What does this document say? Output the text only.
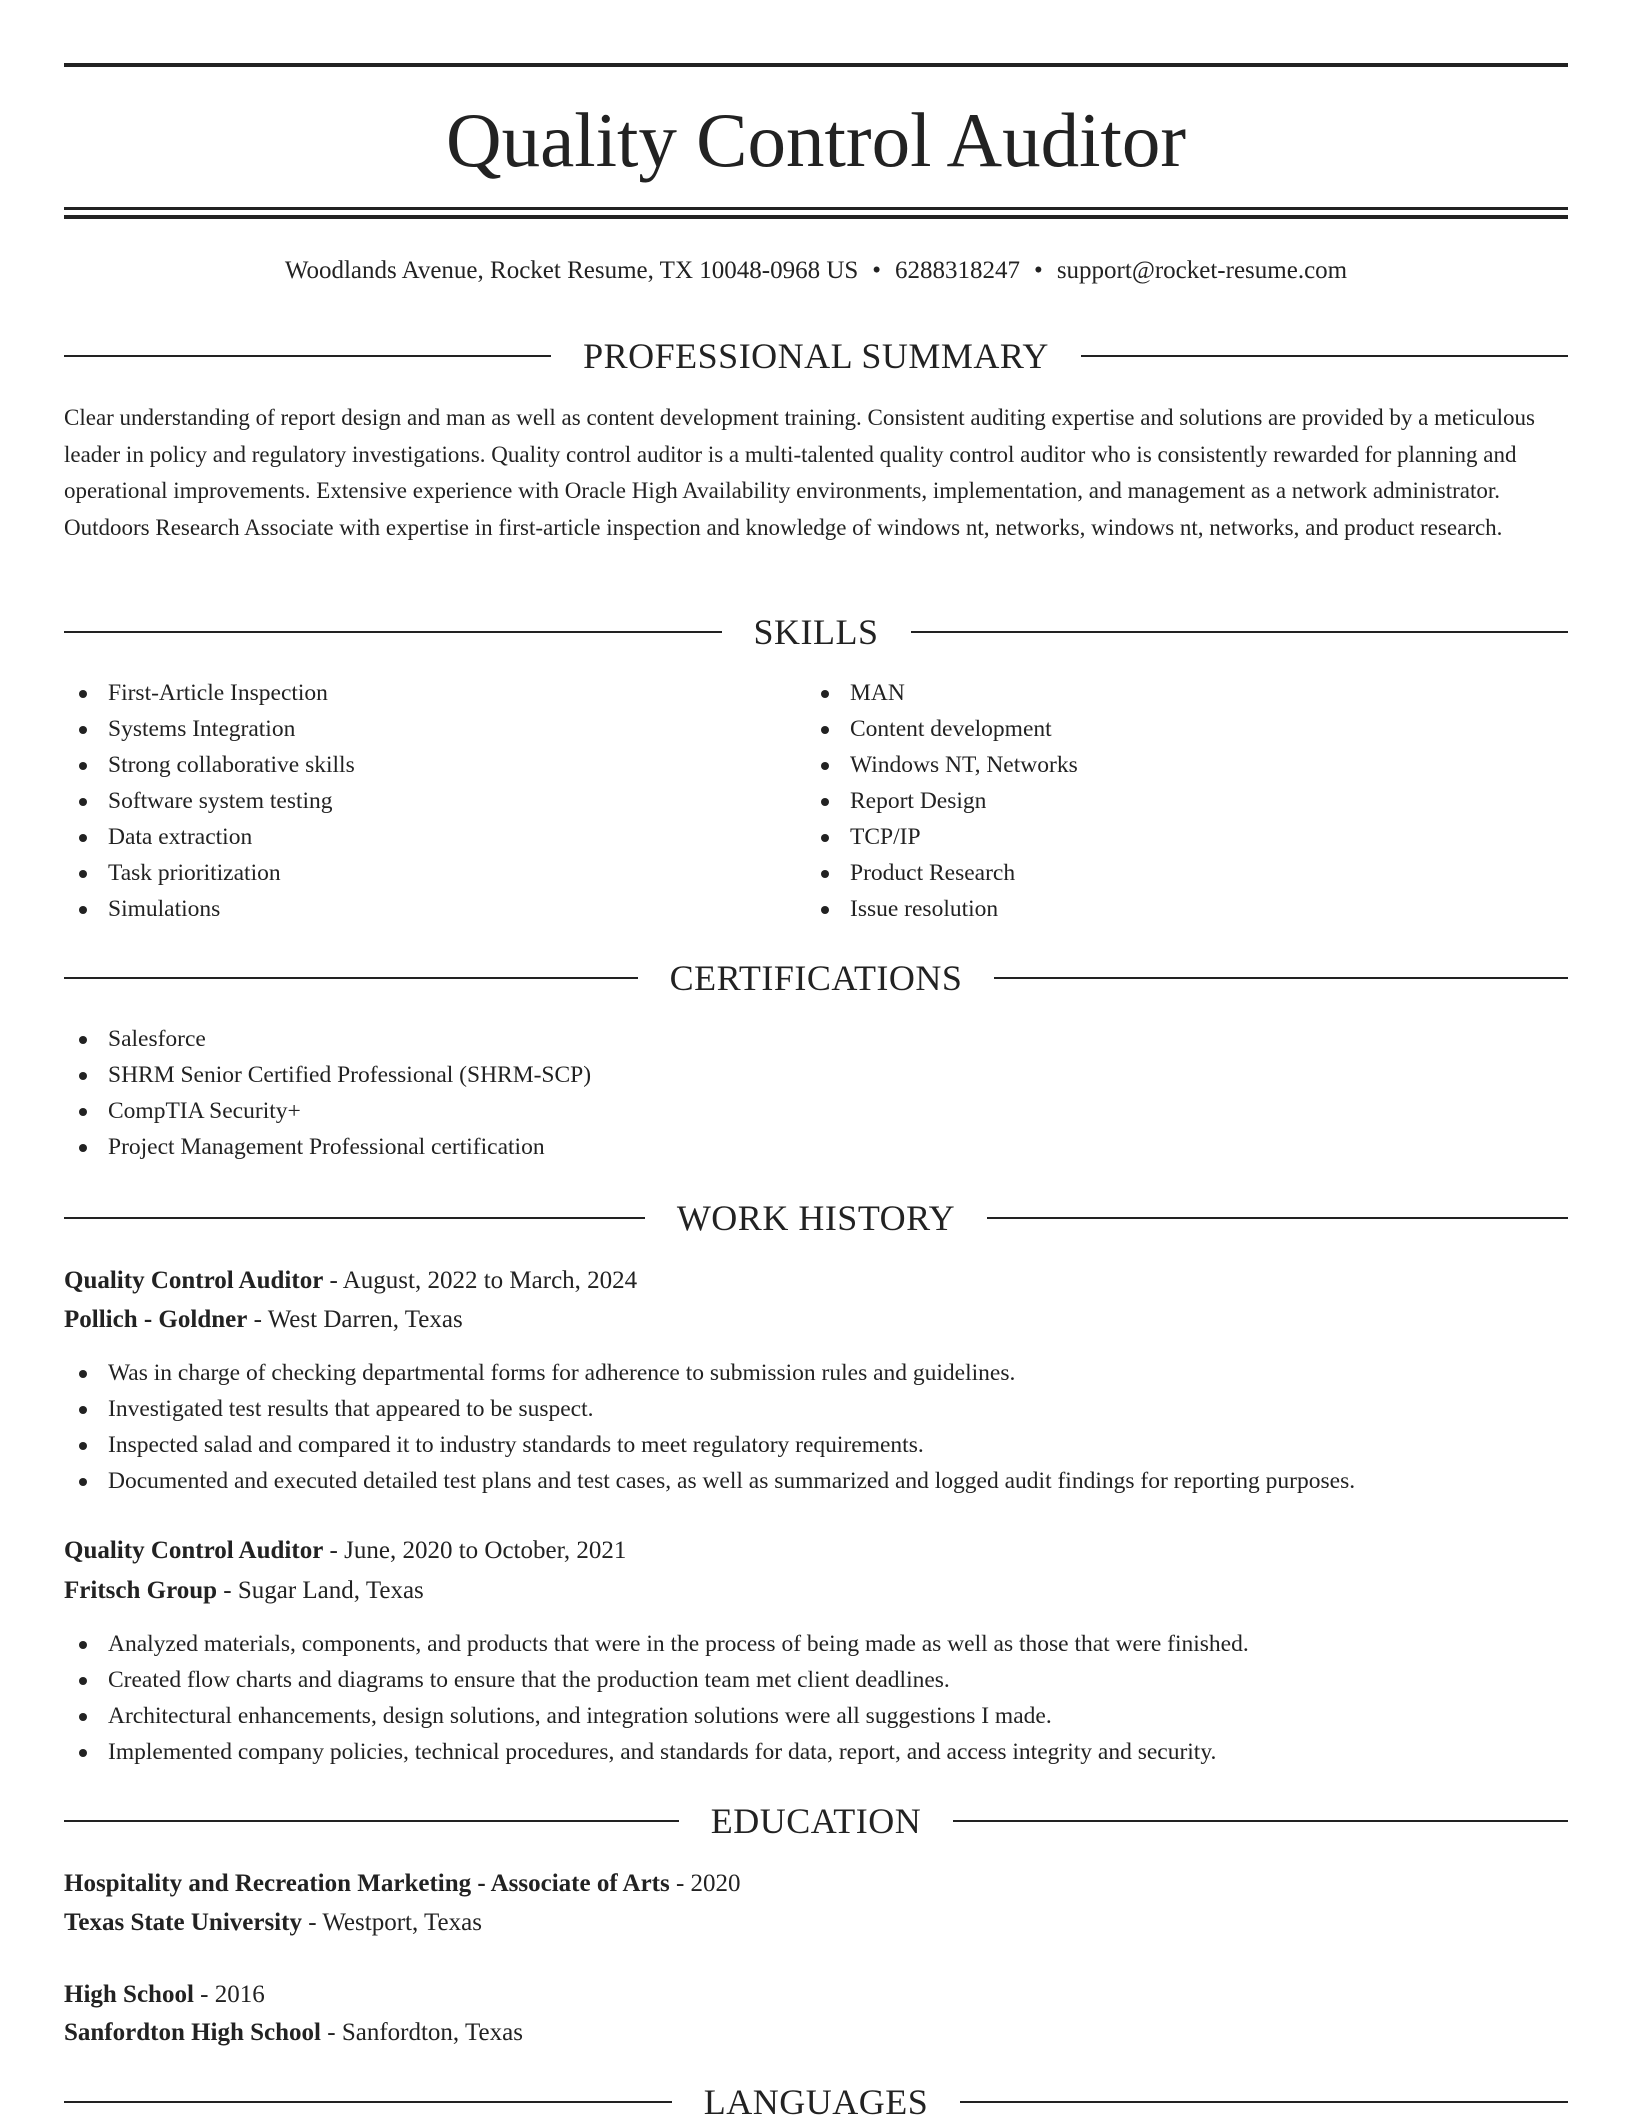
Quality Control Auditor
Woodlands Avenue, Rocket Resume, TX 10048-0968 US • 6288318247 • support@rocket-resume.com
PROFESSIONAL SUMMARY

Clear understanding of report design and man as well as content development training. Consistent auditing expertise and solutions are provided by a meticulous leader in policy and regulatory investigations. Quality control auditor is a multi-talented quality control auditor who is consistently rewarded for planning and operational improvements. Extensive experience with Oracle High Availability environments, implementation, and management as a network administrator. Outdoors Research Associate with expertise in first-article inspection and knowledge of windows nt, networks, windows nt, networks, and product research.

SKILLS
First-Article Inspection
Systems Integration
Strong collaborative skills
Software system testing
Data extraction
Task prioritization
Simulations
MAN
Content development
Windows NT, Networks
Report Design
TCP/IP
Product Research
Issue resolution
CERTIFICATIONS
Salesforce
SHRM Senior Certified Professional (SHRM-SCP)
CompTIA Security+
Project Management Professional certification
WORK HISTORY
Quality Control Auditor - August, 2022 to March, 2024
Pollich - Goldner - West Darren, Texas
Was in charge of checking departmental forms for adherence to submission rules and guidelines.
Investigated test results that appeared to be suspect.
Inspected salad and compared it to industry standards to meet regulatory requirements.
Documented and executed detailed test plans and test cases, as well as summarized and logged audit findings for reporting purposes.
Quality Control Auditor - June, 2020 to October, 2021
Fritsch Group - Sugar Land, Texas
Analyzed materials, components, and products that were in the process of being made as well as those that were finished.
Created flow charts and diagrams to ensure that the production team met client deadlines.
Architectural enhancements, design solutions, and integration solutions were all suggestions I made.
Implemented company policies, technical procedures, and standards for data, report, and access integrity and security.
EDUCATION
Hospitality and Recreation Marketing - Associate of Arts - 2020
Texas State University - Westport, Texas
High School - 2016
Sanfordton High School - Sanfordton, Texas
LANGUAGES
